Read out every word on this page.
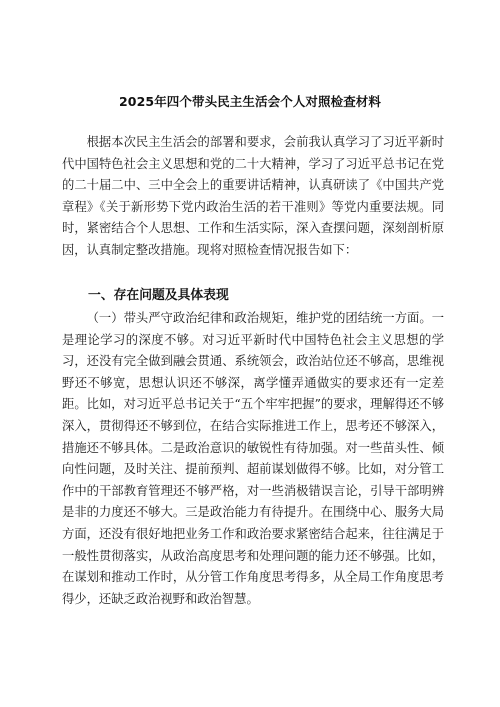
2025年四个带头民主生活会个人对照检查材料

根据本次民主生活会的部署和要求，会前我认真学习了习近平新时代中国特色社会主义思想和党的二十大精神，学习了习近平总书记在党的二十届二中、三中全会上的重要讲话精神，认真研读了《中国共产党章程》《关于新形势下党内政治生活的若干准则》等党内重要法规。同时，紧密结合个人思想、工作和生活实际，深入查摆问题，深刻剖析原因，认真制定整改措施。现将对照检查情况报告如下：

一、存在问题及具体表现

（一）带头严守政治纪律和政治规矩，维护党的团结统一方面。一是理论学习的深度不够。对习近平新时代中国特色社会主义思想的学习，还没有完全做到融会贯通、系统领会，政治站位还不够高，思维视野还不够宽，思想认识还不够深，离学懂弄通做实的要求还有一定差距。比如，对习近平总书记关于“五个牢牢把握”的要求，理解得还不够深入，贯彻得还不够到位，在结合实际推进工作上，思考还不够深入，措施还不够具体。二是政治意识的敏锐性有待加强。对一些苗头性、倾向性问题，及时关注、提前预判、超前谋划做得不够。比如，对分管工作中的干部教育管理还不够严格，对一些消极错误言论，引导干部明辨是非的力度还不够大。三是政治能力有待提升。在围绕中心、服务大局方面，还没有很好地把业务工作和政治要求紧密结合起来，往往满足于一般性贯彻落实，从政治高度思考和处理问题的能力还不够强。比如，在谋划和推动工作时，从分管工作角度思考得多，从全局工作角度思考得少，还缺乏政治视野和政治智慧。
